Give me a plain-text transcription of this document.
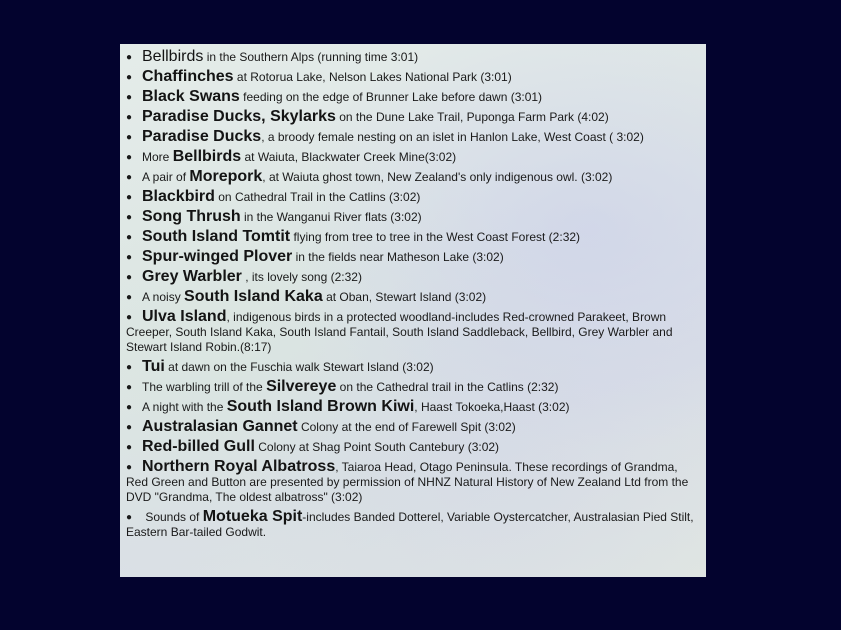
● Bellbirds in the Southern Alps (running time 3:01)
● Chaffinches at Rotorua Lake, Nelson Lakes National Park (3:01)
● Black Swans feeding on the edge of Brunner Lake before dawn (3:01)
● Paradise Ducks, Skylarks on the Dune Lake Trail, Puponga Farm Park (4:02)
● Paradise Ducks, a broody female nesting on an islet in Hanlon Lake, West Coast ( 3:02)
● More Bellbirds at Waiuta, Blackwater Creek Mine(3:02)
● A pair of Morepork, at Waiuta ghost town, New Zealand's only indigenous owl. (3:02)
● Blackbird on Cathedral Trail in the Catlins (3:02)
● Song Thrush in the Wanganui River flats (3:02)
● South Island Tomtit flying from tree to tree in the West Coast Forest (2:32)
● Spur-winged Plover in the fields near Matheson Lake (3:02)
● Grey Warbler , its lovely song (2:32)
● A noisy South Island Kaka at Oban, Stewart Island (3:02)
● Ulva Island, indigenous birds in a protected woodland-includes Red-crowned Parakeet, Brown Creeper, South Island Kaka, South Island Fantail, South Island Saddleback, Bellbird, Grey Warbler and Stewart Island Robin.(8:17)
● Tui at dawn on the Fuschia walk Stewart Island (3:02)
● The warbling trill of the Silvereye on the Cathedral trail in the Catlins (2:32)
● A night with the South Island Brown Kiwi, Haast Tokoeka,Haast (3:02)
● Australasian Gannet Colony at the end of Farewell Spit (3:02)
● Red-billed Gull Colony at Shag Point South Cantebury (3:02)
● Northern Royal Albatross, Taiaroa Head, Otago Peninsula. These recordings of Grandma, Red Green and Button are presented by permission of NHNZ Natural History of New Zealand Ltd from the DVD "Grandma, The oldest albatross" (3:02)
● Sounds of Motueka Spit-includes Banded Dotterel, Variable Oystercatcher, Australasian Pied Stilt, Eastern Bar-tailed Godwit.
